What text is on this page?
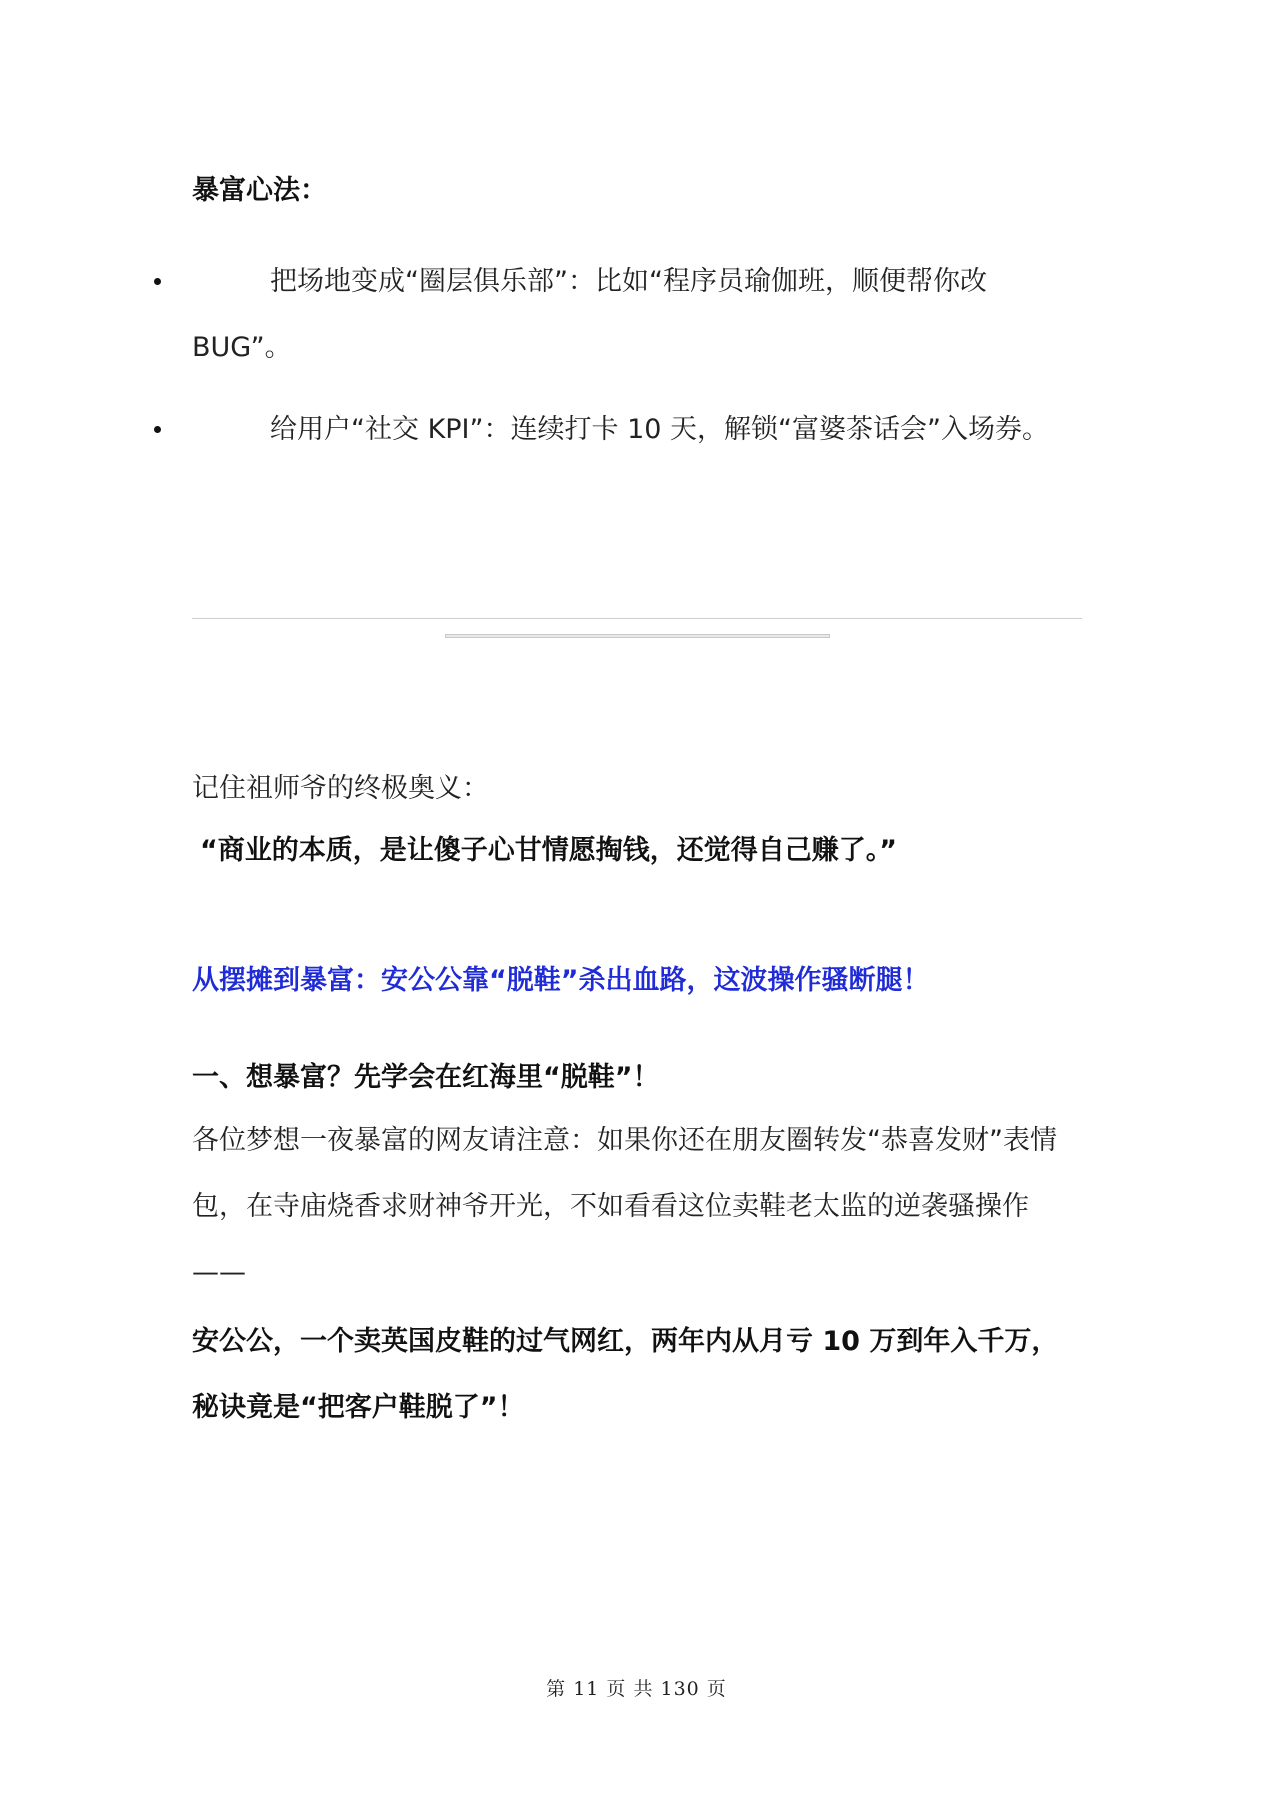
暴富心法：

把场地变成“圈层俱乐部”：比如“程序员瑜伽班，顺便帮你改BUG”。

给用户“社交 KPI”：连续打卡 10 天，解锁“富婆茶话会”入场券。

记住祖师爷的终极奥义：
“商业的本质，是让傻子心甘情愿掏钱，还觉得自己赚了。”
从摆摊到暴富：安公公靠“脱鞋”杀出血路，这波操作骚断腿！
一、想暴富？先学会在红海里“脱鞋”！
各位梦想一夜暴富的网友请注意：如果你还在朋友圈转发“恭喜发财”表情包，在寺庙烧香求财神爷开光，不如看看这位卖鞋老太监的逆袭骚操作——
安公公，一个卖英国皮鞋的过气网红，两年内从月亏 10 万到年入千万，秘诀竟是“把客户鞋脱了”！
第 11 页 共 130 页
